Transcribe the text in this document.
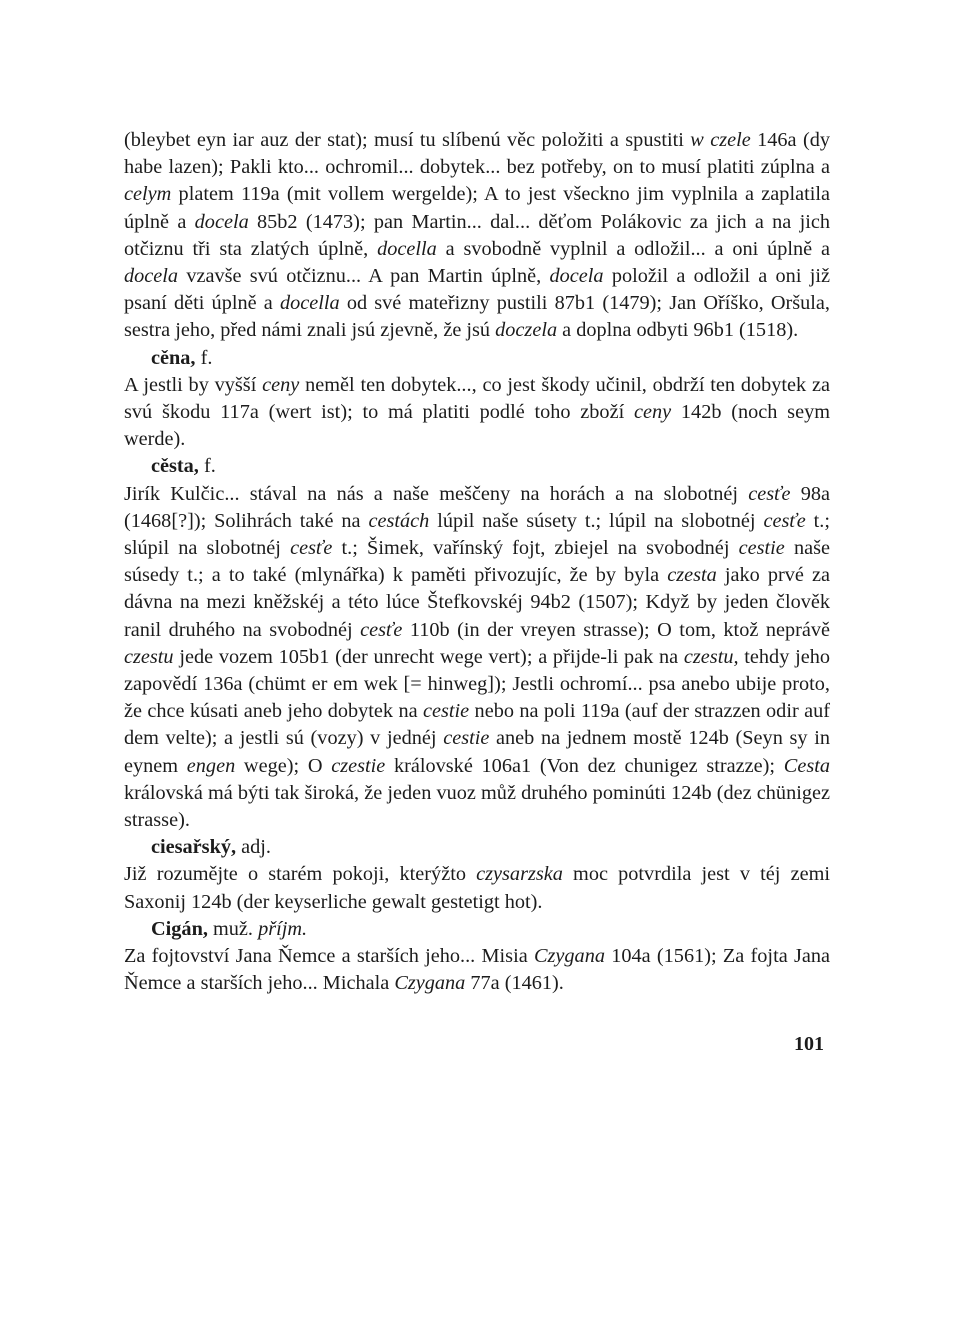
(bleybet eyn iar auz der stat); musí tu slíbenú věc položiti a spustiti w czele 146a (dy habe lazen); Pakli kto... ochromil... dobytek... bez potřeby, on to musí platiti zúplna a celym platem 119a (mit vollem wergelde); A to jest všeckno jim vyplnila a zaplatila úplně a docela 85b2 (1473); pan Martin... dal... děťom Polákovic za jich a na jich otčiznu tři sta zlatých úplně, docella a svobodně vyplnil a odložil... a oni úplně a docela vzavše svú otčiznu... A pan Martin úplně, docela položil a odložil a oni již psaní děti úplně a docella od své mateřizny pustili 87b1 (1479); Jan Oříško, Oršula, sestra jeho, před námi znali jsú zjevně, že jsú doczela a doplna odbyti 96b1 (1518).

cěna, f.

A jestli by vyšší ceny neměl ten dobytek..., co jest škody učinil, obdrží ten dobytek za svú škodu 117a (wert ist); to má platiti podlé toho zboží ceny 142b (noch seym werde).

cěsta, f.

Jirík Kulčic... stával na nás a naše meščeny na horách a na slobotnéj cesťe 98a (1468[?]); Solihrách také na cestách lúpil naše súsety t.; lúpil na slobotnéj cesťe t.; slúpil na slobotnéj cesťe t.; Šimek, vařínský fojt, zbiejel na svobodnéj cestie naše súsedy t.; a to také (mlynářka) k paměti přivozujíc, že by byla czesta jako prvé za dávna na mezi kněžskéj a této lúce Štefkovskéj 94b2 (1507); Když by jeden člověk ranil druhého na svobodnéj cesťe 110b (in der vreyen strasse); O tom, ktož neprávě czestu jede vozem 105b1 (der unrecht wege vert); a přijde-li pak na czestu, tehdy jeho zapovědí 136a (chümt er em wek [= hinweg]); Jestli ochromí... psa anebo ubije proto, že chce kúsati aneb jeho dobytek na cestie nebo na poli 119a (auf der strazzen odir auf dem velte); a jestli sú (vozy) v jednéj cestie aneb na jednem mostě 124b (Seyn sy in eynem engen wege); O czestie královské 106a1 (Von dez chunigez strazze); Cesta královská má býti tak široká, že jeden vuoz můž druhého pominúti 124b (dez chünigez strasse).

ciesařský, adj.

Již rozumějte o starém pokoji, kterýžto czysarzska moc potvrdila jest v téj zemi Saxonij 124b (der keyserliche gewalt gestetigt hot).

Cigán, muž. příjm.

Za fojtovství Jana Ňemce a starších jeho... Misia Czygana 104a (1561); Za fojta Jana Ňemce a starších jeho... Michala Czygana 77a (1461).

101
